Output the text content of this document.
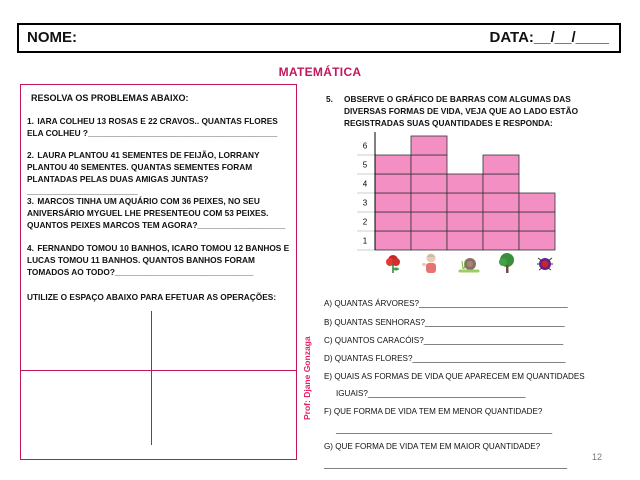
NOME:	DATA:__/__/____
MATEMÁTICA
RESOLVA OS PROBLEMAS ABAIXO:
1. IARA COLHEU 13 ROSAS E 22 CRAVOS.. QUANTAS FLORES ELA COLHEU ?_________________________________________
2. LAURA PLANTOU 41 SEMENTES DE FEIJÃO, LORRANY PLANTOU 40 SEMENTES. QUANTAS SEMENTES FORAM PLANTADAS PELAS DUAS AMIGAS JUNTAS? ________________________
3. MARCOS TINHA UM AQUÁRIO COM 36 PEIXES, NO SEU ANIVERSÁRIO MYGUEL LHE PRESENTEOU COM 53 PEIXES. QUANTOS PEIXES MARCOS TEM AGORA?___________________
4. FERNANDO TOMOU 10 BANHOS, ICARO TOMOU 12 BANHOS E LUCAS TOMOU 11 BANHOS. QUANTOS BANHOS FORAM TOMADOS AO TODO?______________________________
UTILIZE O ESPAÇO ABAIXO PARA EFETUAR AS OPERAÇÕES:
Prof: Djane Gonzaga
5. OBSERVE O GRÁFICO DE BARRAS COM ALGUMAS DAS DIVERSAS FORMAS DE VIDA, VEJA QUE AO LADO ESTÃO REGISTRADAS SUAS QUANTIDADES E RESPONDA:
1
2
3
4
5
6
A) QUANTAS ÁRVORES?_________________________________
B) QUANTAS SENHORAS?_______________________________
C) QUANTOS CARACÓIS?_______________________________
D) QUANTAS FLORES?__________________________________
E) QUAIS AS FORMAS DE VIDA QUE APARECEM EM QUANTIDADES
IGUAIS?___________________________________
F) QUE FORMA DE VIDA TEM EM MENOR QUANTIDADE?
________________________________________________
G) QUE FORMA DE VIDA TEM EM MAIOR QUANTIDADE?
______________________________________________________
12
